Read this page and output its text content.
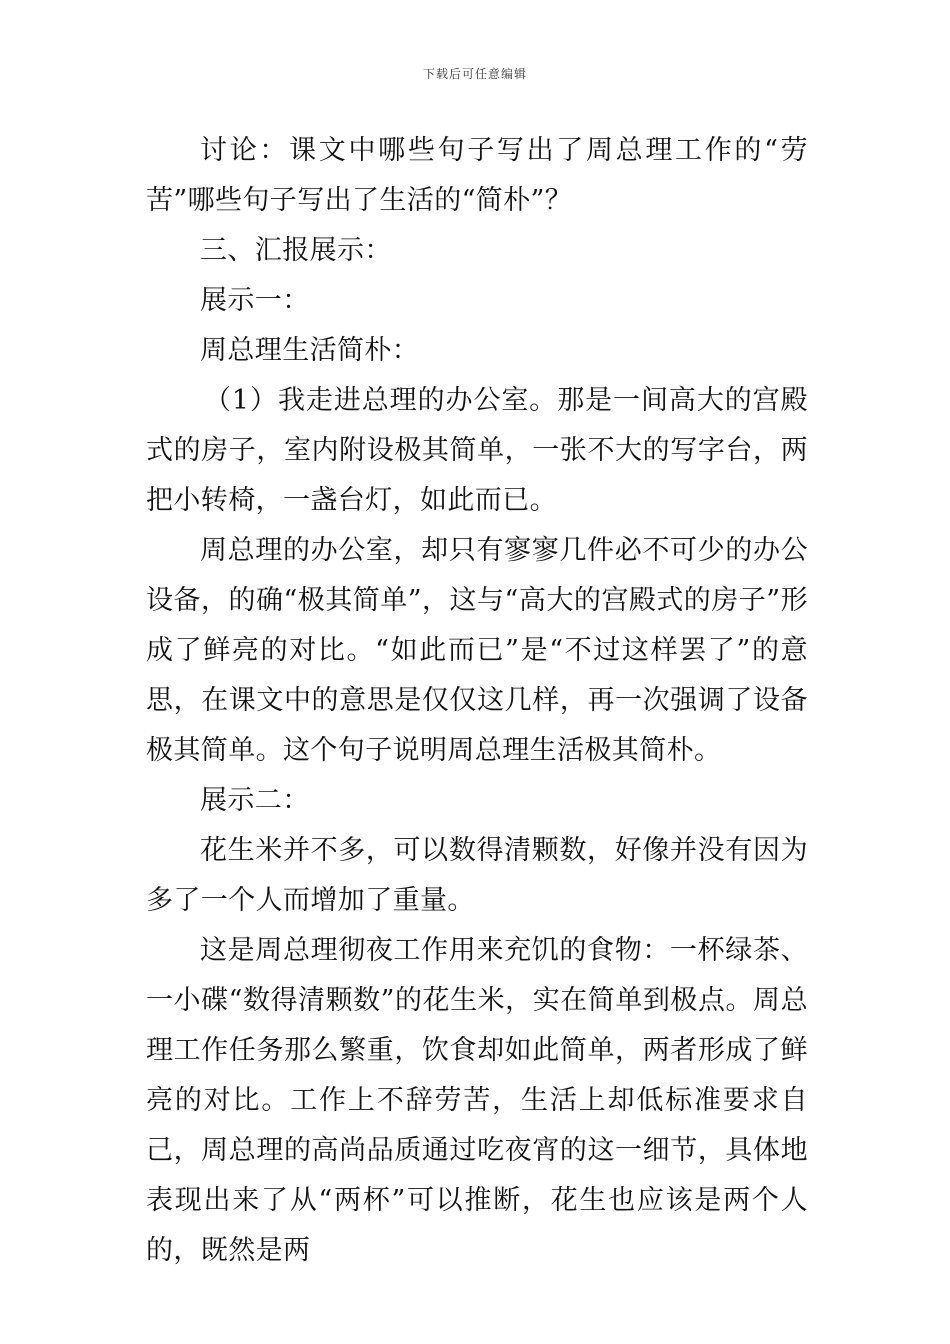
下载后可任意编辑

讨论：课文中哪些句子写出了周总理工作的“劳苦”哪些句子写出了生活的“简朴”？

三、汇报展示：

展示一：

周总理生活简朴：

（1）我走进总理的办公室。那是一间高大的宫殿式的房子，室内附设极其简单，一张不大的写字台，两把小转椅，一盏台灯，如此而已。

周总理的办公室，却只有寥寥几件必不可少的办公设备，的确“极其简单”，这与“高大的宫殿式的房子”形成了鲜亮的对比。“如此而已”是“不过这样罢了”的意思，在课文中的意思是仅仅这几样，再一次强调了设备极其简单。这个句子说明周总理生活极其简朴。

展示二：

花生米并不多，可以数得清颗数，好像并没有因为多了一个人而增加了重量。

这是周总理彻夜工作用来充饥的食物：一杯绿茶、一小碟“数得清颗数”的花生米，实在简单到极点。周总理工作任务那么繁重，饮食却如此简单，两者形成了鲜亮的对比。工作上不辞劳苦，生活上却低标准要求自己，周总理的高尚品质通过吃夜宵的这一细节，具体地表现出来了从“两杯”可以推断，花生也应该是两个人的，既然是两
